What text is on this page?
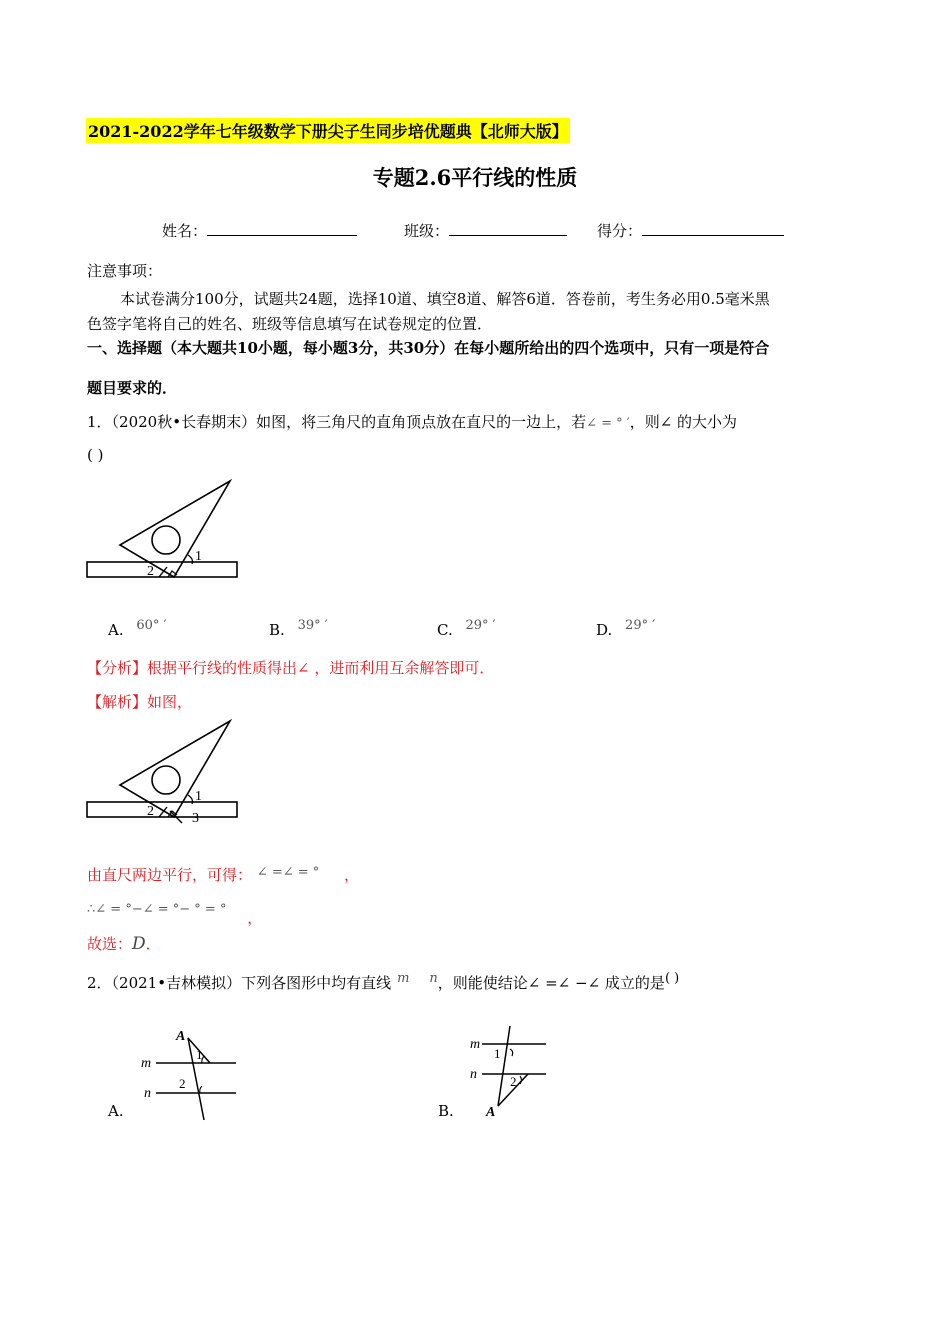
2021-2022学年七年级数学下册尖子生同步培优题典【北师大版】
专题2.6平行线的性质
姓名：	班级：	得分：
注意事项：
本试卷满分100分，试题共24题，选择10道、填空8道、解答6道．答卷前，考生务必用0.5毫米黑
色签字笔将自己的姓名、班级等信息填写在试卷规定的位置．
一、选择题（本大题共10小题，每小题3分，共30分）在每小题所给出的四个选项中，只有一项是符合
题目要求的．
1．（2020秋•长春期末）如图，将三角尺的直角顶点放在直尺的一边上，若∠ = ° ′，则∠ 的大小为
( )
1
2
A. 60° ′	B. 39° ′	C. 29° ′	D. 29° ′
【分析】根据平行线的性质得出∠ ，进而利用互余解答即可．
【解析】如图，
1
2	3
由直尺两边平行，可得： ∠ =∠ = ° ，
∴∠ = °−∠ = °− ° = ° ，
故选：D．
2．（2021•吉林模拟）下列各图形中均有直线 m n，则能使结论∠ =∠ −∠ 成立的是( )
A
m
n
1
2
A.
m
n
1
2
A
B.
